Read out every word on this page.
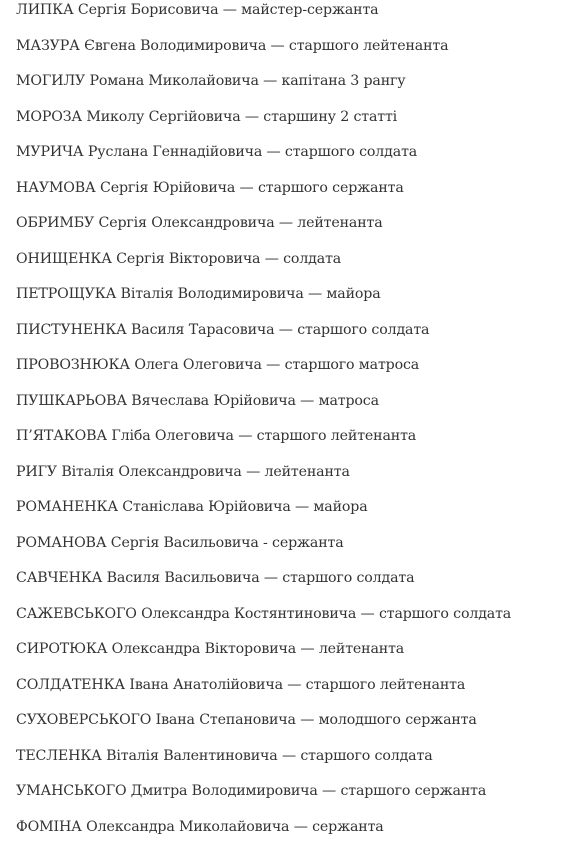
ЛИПКА Сергія Борисовича — майстер-сержанта
МАЗУРА Євгена Володимировича — старшого лейтенанта
МОГИЛУ Романа Миколайовича — капітана 3 рангу
МОРОЗА Миколу Сергійовича — старшину 2 статті
МУРИЧА Руслана Геннадійовича — старшого солдата
НАУМОВА Сергія Юрійовича — старшого сержанта
ОБРИМБУ Сергія Олександровича — лейтенанта
ОНИЩЕНКА Сергія Вікторовича — солдата
ПЕТРОЩУКА Віталія Володимировича — майора
ПИСТУНЕНКА Василя Тарасовича — старшого солдата
ПРОВОЗНЮКА Олега Олеговича — старшого матроса
ПУШКАРЬОВА Вячеслава Юрійовича — матроса
П’ЯТАКОВА Гліба Олеговича — старшого лейтенанта
РИГУ Віталія Олександровича — лейтенанта
РОМАНЕНКА Станіслава Юрійовича — майора
РОМАНОВА Сергія Васильовича - сержанта
САВЧЕНКА Василя Васильовича — старшого солдата
САЖЕВСЬКОГО Олександра Костянтиновича — старшого солдата
СИРОТЮКА Олександра Вікторовича — лейтенанта
СОЛДАТЕНКА Івана Анатолійовича — старшого лейтенанта
СУХОВЕРСЬКОГО Івана Степановича — молодшого сержанта
ТЕСЛЕНКА Віталія Валентиновича — старшого солдата
УМАНСЬКОГО Дмитра Володимировича — старшого сержанта
ФОМІНА Олександра Миколайовича — сержанта
